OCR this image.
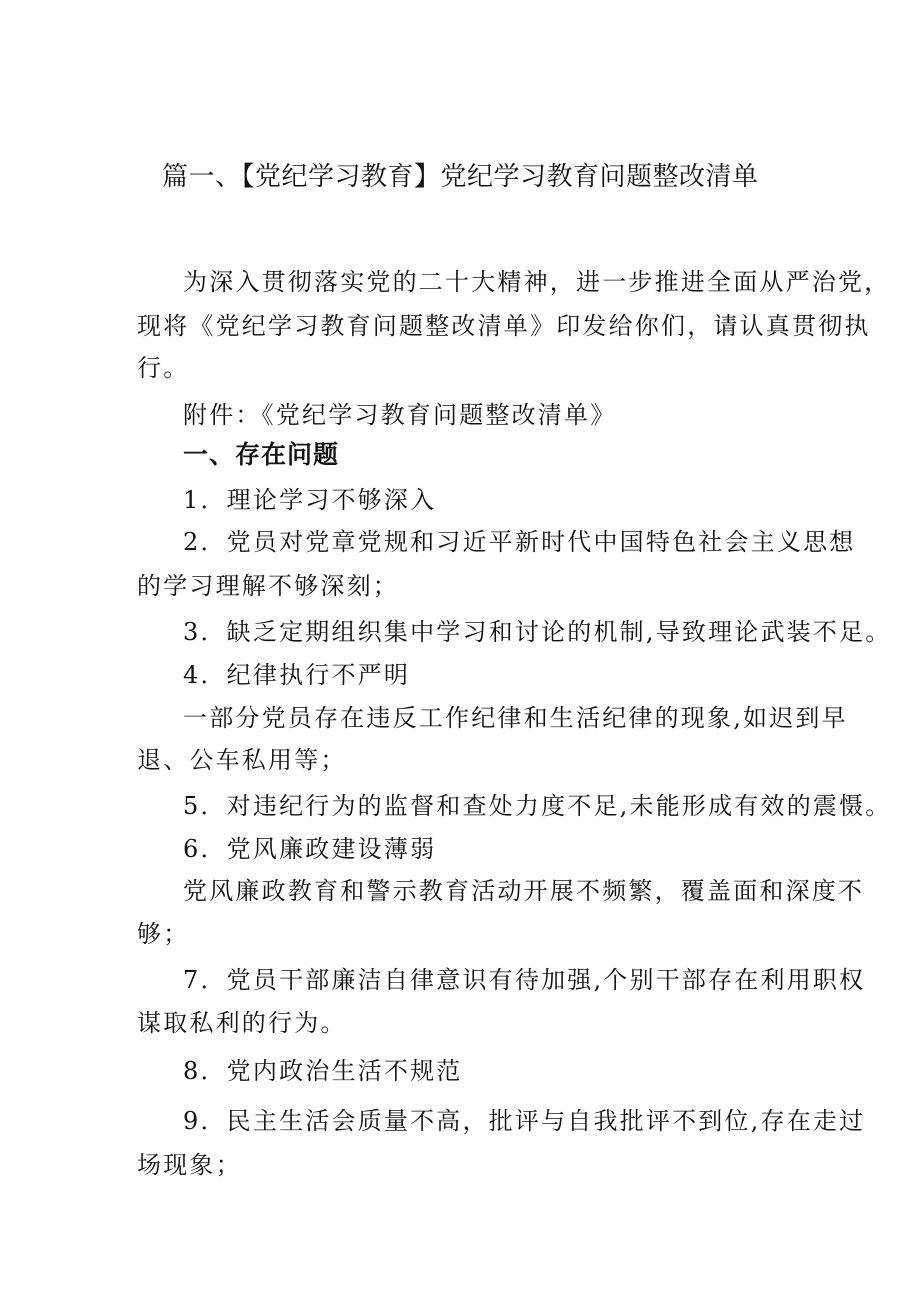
篇一、【党纪学习教育】党纪学习教育问题整改清单

为深入贯彻落实党的二十大精神，进一步推进全面从严治党，

现将《党纪学习教育问题整改清单》印发给你们，请认真贯彻执

行。

附件：《党纪学习教育问题整改清单》

一、存在问题

1．理论学习不够深入

2．党员对党章党规和习近平新时代中国特色社会主义思想

的学习理解不够深刻；

3．缺乏定期组织集中学习和讨论的机制,导致理论武装不足。

4．纪律执行不严明

一部分党员存在违反工作纪律和生活纪律的现象,如迟到早

退、公车私用等；

5．对违纪行为的监督和查处力度不足,未能形成有效的震慑。

6．党风廉政建设薄弱

党风廉政教育和警示教育活动开展不频繁，覆盖面和深度不

够；

7．党员干部廉洁自律意识有待加强,个别干部存在利用职权

谋取私利的行为。

8．党内政治生活不规范

9．民主生活会质量不高，批评与自我批评不到位,存在走过

场现象；
